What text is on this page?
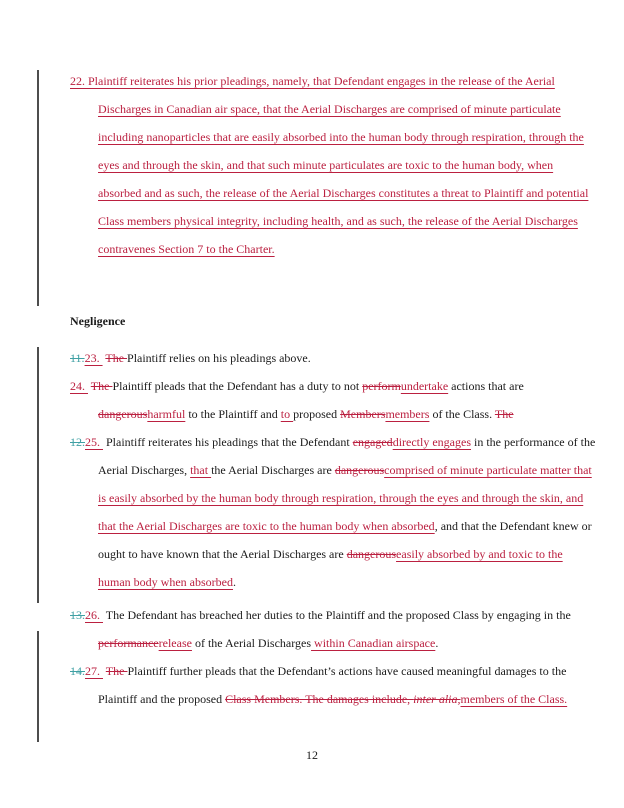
22. Plaintiff reiterates his prior pleadings, namely, that Defendant engages in the release of the Aerial Discharges in Canadian air space, that the Aerial Discharges are comprised of minute particulate including nanoparticles that are easily absorbed into the human body through respiration, through the eyes and through the skin, and that such minute particulates are toxic to the human body, when absorbed and as such, the release of the Aerial Discharges constitutes a threat to Plaintiff and potential Class members physical integrity, including health, and as such, the release of the Aerial Discharges contravenes Section 7 to the Charter.
Negligence
11.23.  The Plaintiff relies on his pleadings above.
24.  The Plaintiff pleads that the Defendant has a duty to not performundertake actions that are dangerousharmful to the Plaintiff and to proposed Membersmembers of the Class. The
12.25.  Plaintiff reiterates his pleadings that the Defendant engageddirectly engages in the performance of the Aerial Discharges, that the Aerial Discharges are dangerouscomprised of minute particulate matter that is easily absorbed by the human body through respiration, through the eyes and through the skin, and that the Aerial Discharges are toxic to the human body when absorbed, and that the Defendant knew or ought to have known that the Aerial Discharges are dangerouseasily absorbed by and toxic to the human body when absorbed.
13.26.  The Defendant has breached her duties to the Plaintiff and the proposed Class by engaging in the performancerelease of the Aerial Discharges within Canadian airspace.
14.27.  The Plaintiff further pleads that the Defendant’s actions have caused meaningful damages to the Plaintiff and the proposed Class Members. The damages include, inter alia,members of the Class.
12
